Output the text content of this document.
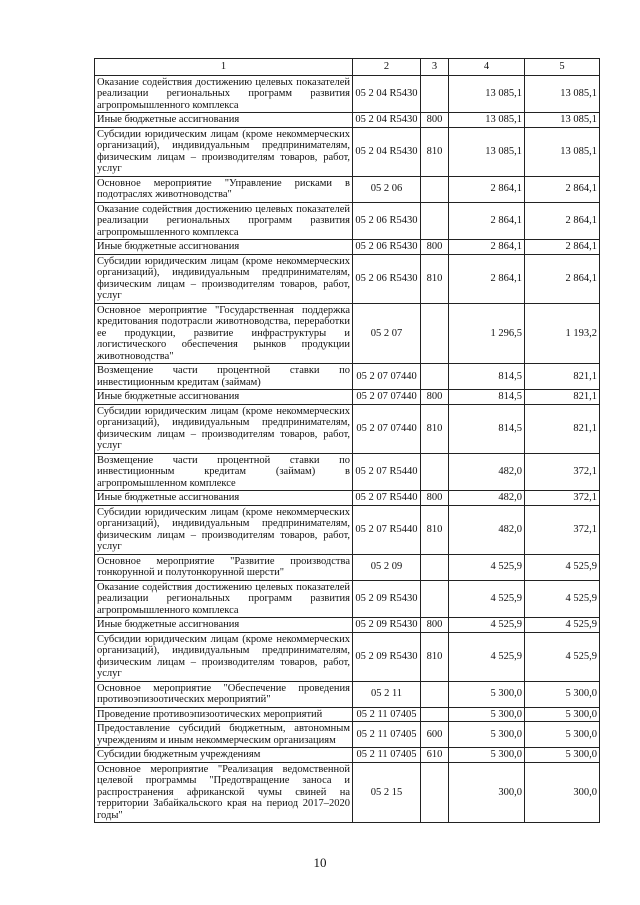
1	2	3	4	5
Оказание содействия достижению целевых показателей реализации региональных программ развития агропромышленного комплекса	05 2 04 R5430		13 085,1	13 085,1
Иные бюджетные ассигнования	05 2 04 R5430	800	13 085,1	13 085,1
Субсидии юридическим лицам (кроме некоммерческих организаций), индивидуальным предпринимателям, физическим лицам – производителям товаров, работ, услуг	05 2 04 R5430	810	13 085,1	13 085,1
Основное мероприятие "Управление рисками в подотраслях животноводства"	05 2 06		2 864,1	2 864,1
Оказание содействия достижению целевых показателей реализации региональных программ развития агропромышленного комплекса	05 2 06 R5430		2 864,1	2 864,1
Иные бюджетные ассигнования	05 2 06 R5430	800	2 864,1	2 864,1
Субсидии юридическим лицам (кроме некоммерческих организаций), индивидуальным предпринимателям, физическим лицам – производителям товаров, работ, услуг	05 2 06 R5430	810	2 864,1	2 864,1
Основное мероприятие "Государственная поддержка кредитования подотрасли животноводства, переработки ее продукции, развитие инфраструктуры и логистического обеспечения рынков продукции животноводства"	05 2 07		1 296,5	1 193,2
Возмещение части процентной ставки по инвестиционным кредитам (займам)	05 2 07 07440		814,5	821,1
Иные бюджетные ассигнования	05 2 07 07440	800	814,5	821,1
Субсидии юридическим лицам (кроме некоммерческих организаций), индивидуальным предпринимателям, физическим лицам – производителям товаров, работ, услуг	05 2 07 07440	810	814,5	821,1
Возмещение части процентной ставки по инвестиционным кредитам (займам) в агропромышленном комплексе	05 2 07 R5440		482,0	372,1
Иные бюджетные ассигнования	05 2 07 R5440	800	482,0	372,1
Субсидии юридическим лицам (кроме некоммерческих организаций), индивидуальным предпринимателям, физическим лицам – производителям товаров, работ, услуг	05 2 07 R5440	810	482,0	372,1
Основное мероприятие "Развитие производства тонкорунной и полутонкорунной шерсти"	05 2 09		4 525,9	4 525,9
Оказание содействия достижению целевых показателей реализации региональных программ развития агропромышленного комплекса	05 2 09 R5430		4 525,9	4 525,9
Иные бюджетные ассигнования	05 2 09 R5430	800	4 525,9	4 525,9
Субсидии юридическим лицам (кроме некоммерческих организаций), индивидуальным предпринимателям, физическим лицам – производителям товаров, работ, услуг	05 2 09 R5430	810	4 525,9	4 525,9
Основное мероприятие "Обеспечение проведения противоэпизоотических мероприятий"	05 2 11		5 300,0	5 300,0
Проведение противоэпизоотических мероприятий	05 2 11 07405		5 300,0	5 300,0
Предоставление субсидий бюджетным, автономным учреждениям и иным некоммерческим организациям	05 2 11 07405	600	5 300,0	5 300,0
Субсидии бюджетным учреждениям	05 2 11 07405	610	5 300,0	5 300,0
Основное мероприятие "Реализация ведомственной целевой программы "Предотвращение заноса и распространения африканской чумы свиней на территории Забайкальского края на период 2017–2020 годы"	05 2 15		300,0	300,0
10
